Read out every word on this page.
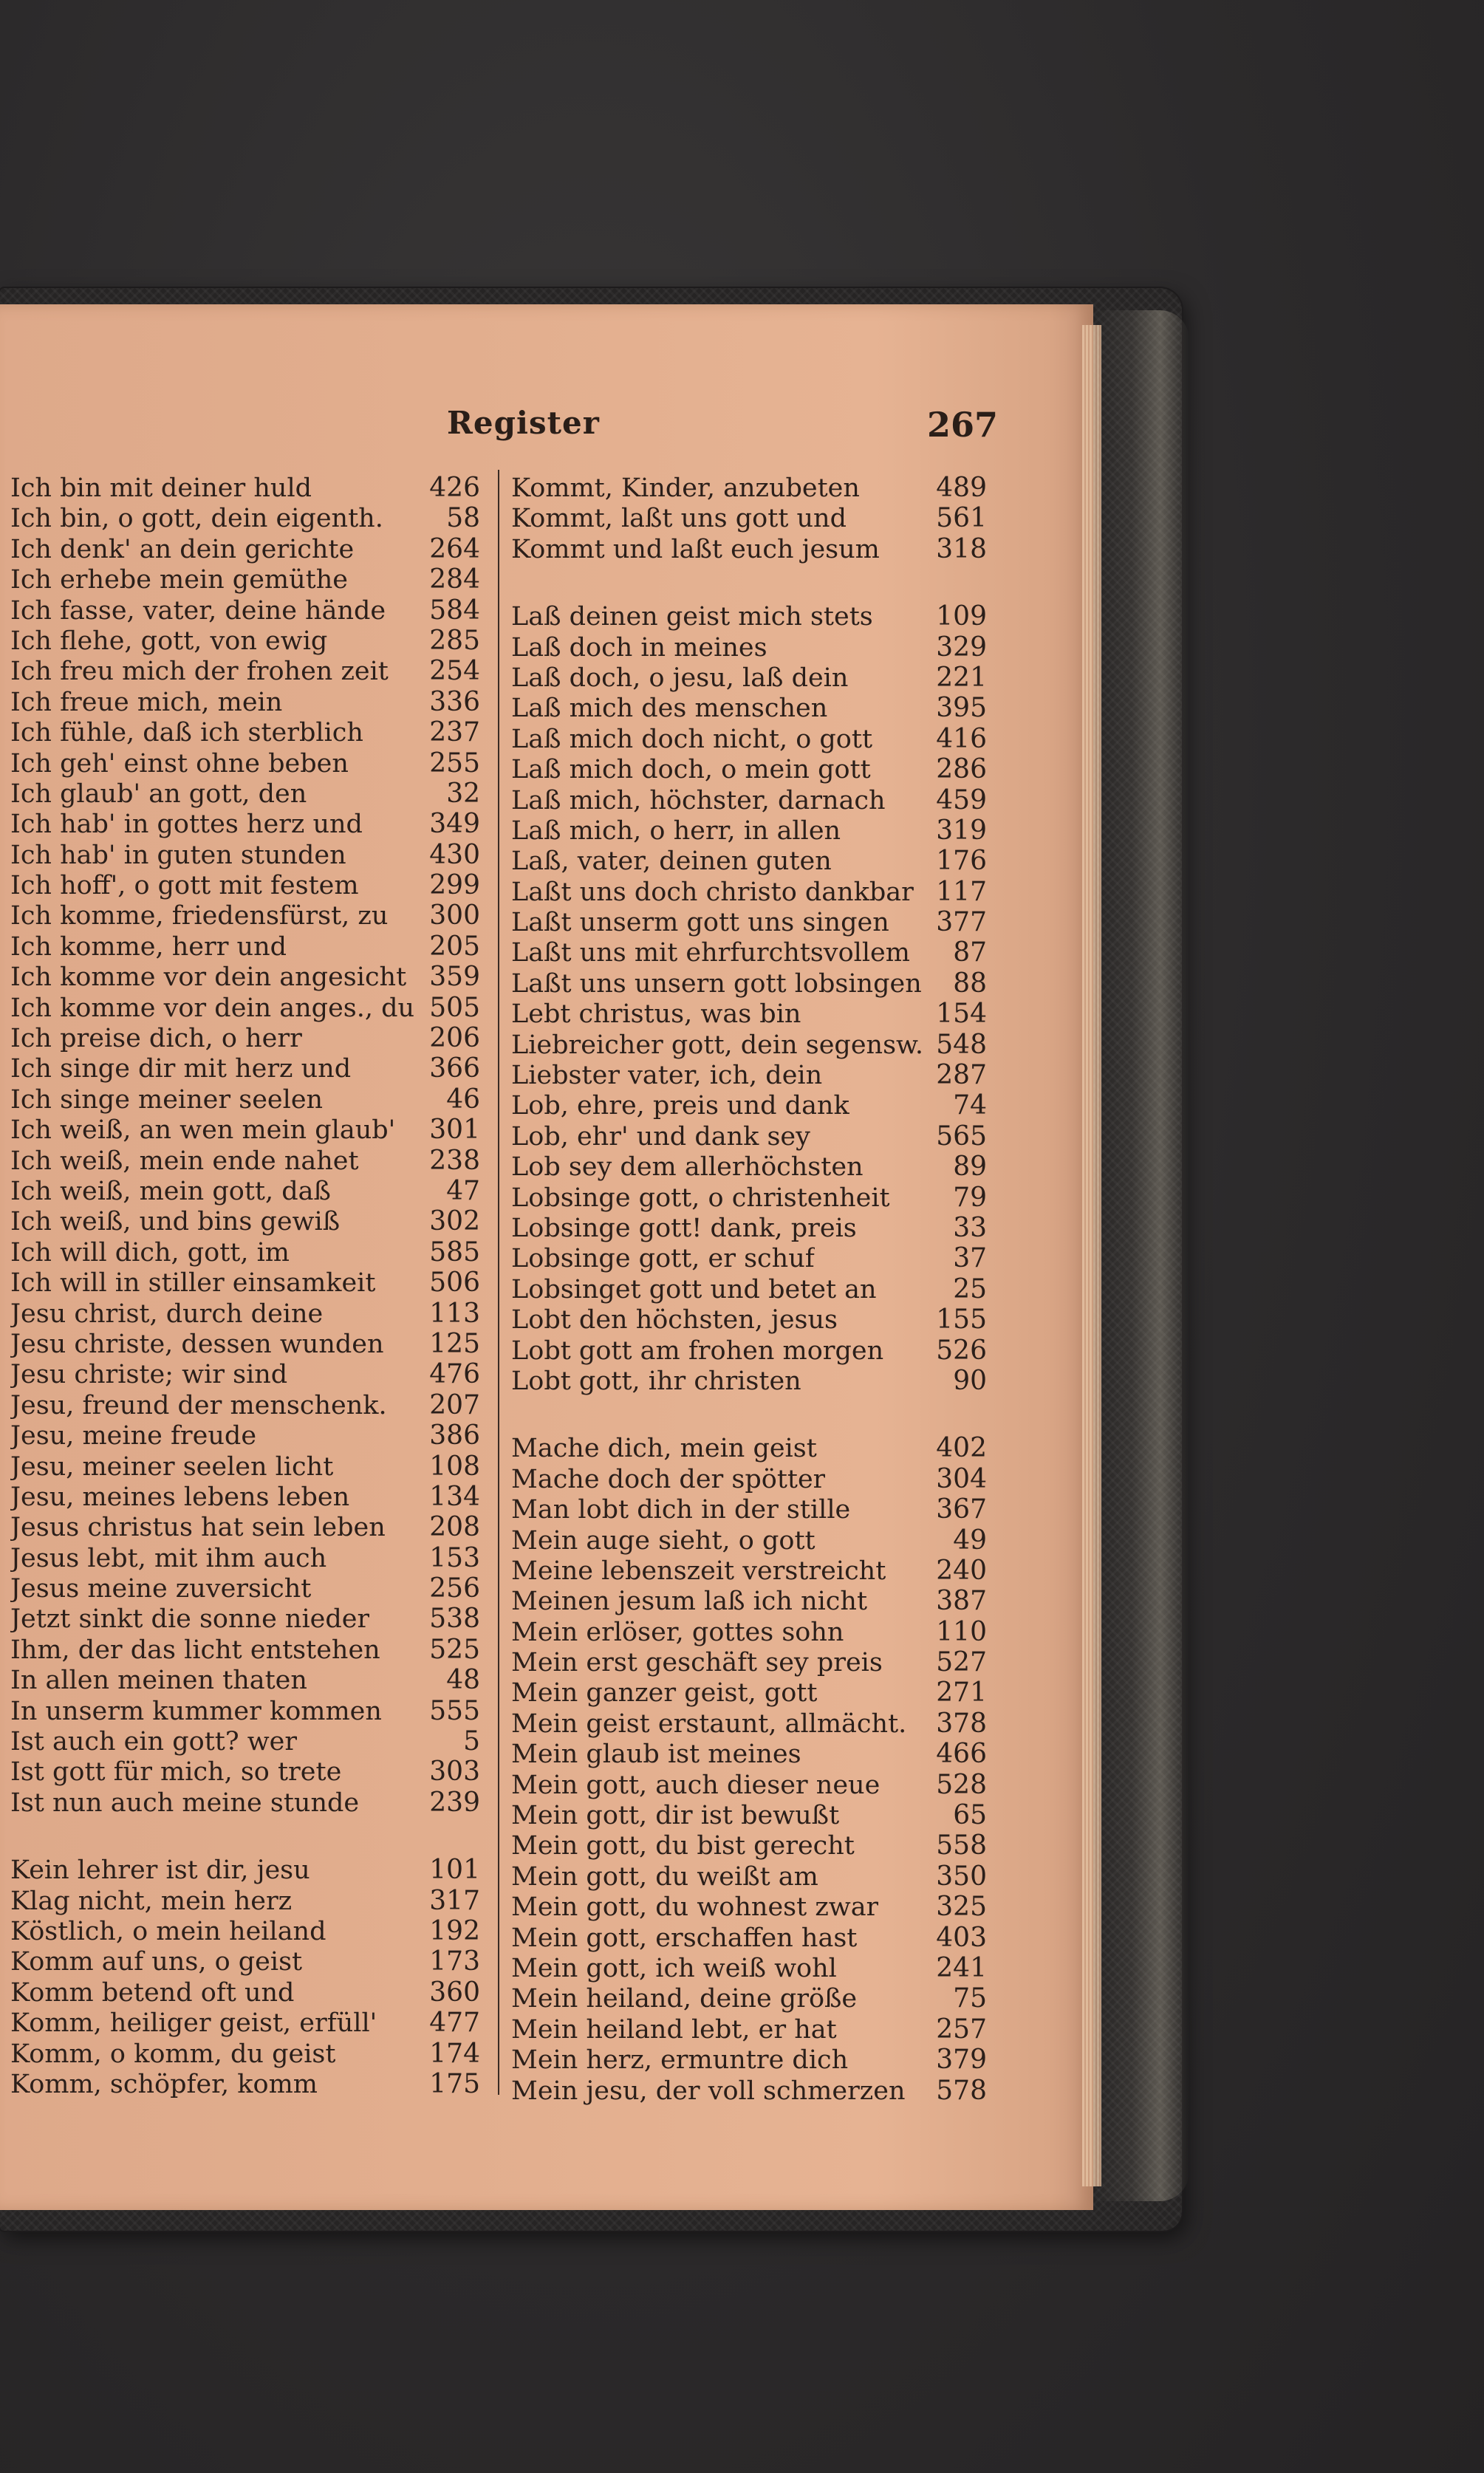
Register	267
Ich bin mit deiner huld	426
Ich bin, o gott, dein eigenth. 58
Ich denk' an dein gerichte	264
Ich erhebe mein gemüthe	284
Ich fasse, vater, deine hände 584
Ich flehe, gott, von ewig	285
Ich freu mich der frohen zeit 254
Ich freue mich, mein	336
Ich fühle, daß ich sterblich 237
Ich geh' einst ohne beben	255
Ich glaub' an gott, den	32
Ich hab' in gottes herz und	349
Ich hab' in guten stunden	430
Ich hoff', o gott mit festem	299
Ich komme, friedensfürst, zu 300
Ich komme, herr und	205
Ich komme vor dein angesicht 359
Ich komme vor dein anges., du 505
Ich preise dich, o herr	206
Ich singe dir mit herz und	366
Ich singe meiner seelen	46
Ich weiß, an wen mein glaub' 301
Ich weiß, mein ende nahet	238
Ich weiß, mein gott, daß	47
Ich weiß, und bins gewiß	302
Ich will dich, gott, im	585
Ich will in stiller einsamkeit 506
Jesu christ, durch deine	113
Jesu christe, dessen wunden 125
Jesu christe; wir sind	476
Jesu, freund der menschenk. 207
Jesu, meine freude	386
Jesu, meiner seelen licht	108
Jesu, meines lebens leben	134
Jesus christus hat sein leben 208
Jesus lebt, mit ihm auch	153
Jesus meine zuversicht	256
Jetzt sinkt die sonne nieder 538
Ihm, der das licht entstehen 525
In allen meinen thaten	48
In unserm kummer kommen 555
Ist auch ein gott? wer	5
Ist gott für mich, so trete	303
Ist nun auch meine stunde	239
Kein lehrer ist dir, jesu	101
Klag nicht, mein herz	317
Köstlich, o mein heiland	192
Komm auf uns, o geist	173
Komm betend oft und	360
Komm, heiliger geist, erfüll' 477
Komm, o komm, du geist	174
Komm, schöpfer, komm	175
Kommt, Kinder, anzubeten	489
Kommt, laßt uns gott und	561
Kommt und laßt euch jesum 318
Laß deinen geist mich stets 109
Laß doch in meines	329
Laß doch, o jesu, laß dein	221
Laß mich des menschen	395
Laß mich doch nicht, o gott 416
Laß mich doch, o mein gott 286
Laß mich, höchster, darnach 459
Laß mich, o herr, in allen	319
Laß, vater, deinen guten	176
Laßt uns doch christo dankbar 117
Laßt unserm gott uns singen 377
Laßt uns mit ehrfurchtsvollem 87
Laßt uns unsern gott lobsingen 88
Lebt christus, was bin	154
Liebreicher gott, dein segensw. 548
Liebster vater, ich, dein	287
Lob, ehre, preis und dank	74
Lob, ehr' und dank sey	565
Lob sey dem allerhöchsten	89
Lobsinge gott, o christenheit 79
Lobsinge gott! dank, preis	33
Lobsinge gott, er schuf	37
Lobsinget gott und betet an	25
Lobt den höchsten, jesus	155
Lobt gott am frohen morgen 526
Lobt gott, ihr christen	90
Mache dich, mein geist	402
Mache doch der spötter	304
Man lobt dich in der stille	367
Mein auge sieht, o gott	49
Meine lebenszeit verstreicht 240
Meinen jesum laß ich nicht	387
Mein erlöser, gottes sohn	110
Mein erst geschäft sey preis 527
Mein ganzer geist, gott	271
Mein geist erstaunt, allmächt. 378
Mein glaub ist meines	466
Mein gott, auch dieser neue 528
Mein gott, dir ist bewußt	65
Mein gott, du bist gerecht	558
Mein gott, du weißt am	350
Mein gott, du wohnest zwar 325
Mein gott, erschaffen hast	403
Mein gott, ich weiß wohl	241
Mein heiland, deine größe	75
Mein heiland lebt, er hat	257
Mein herz, ermuntre dich	379
Mein jesu, der voll schmerzen 578
